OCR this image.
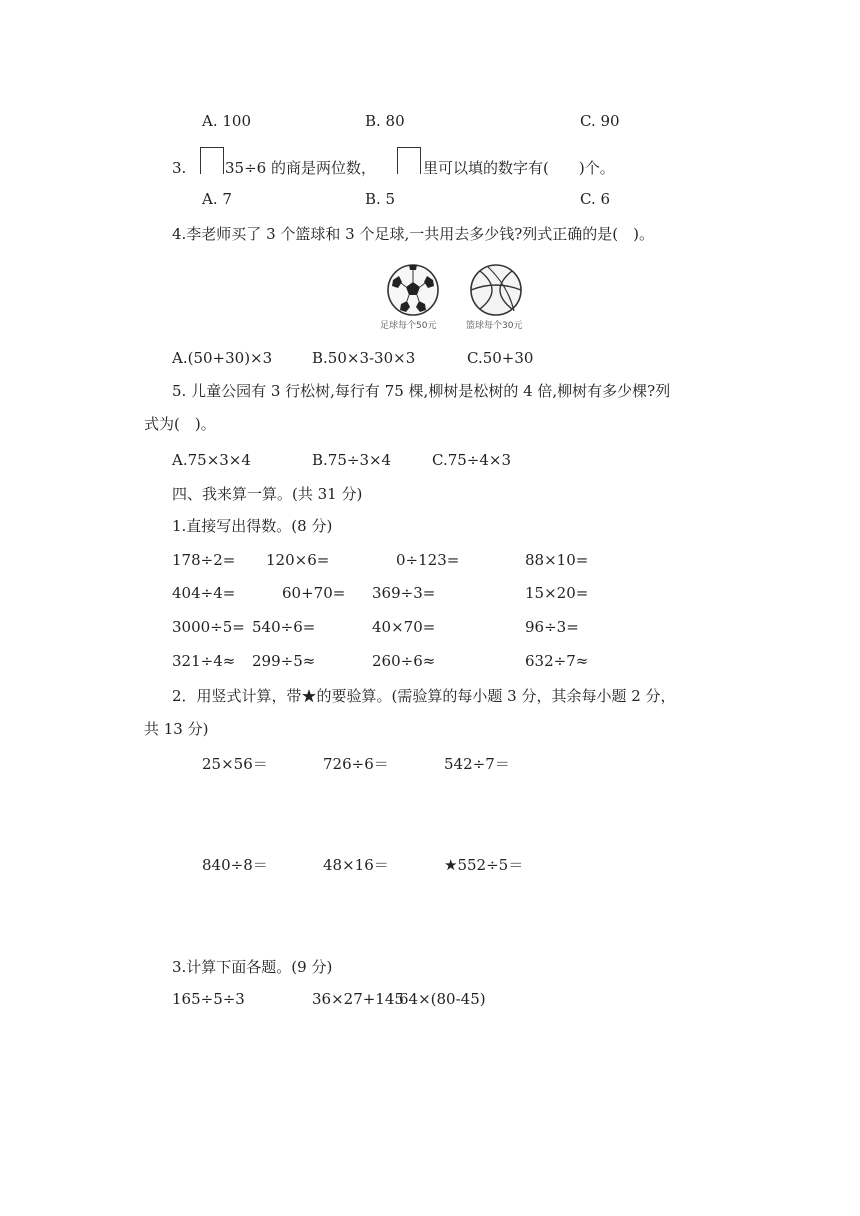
A. 100	B. 80	C. 90
3.	35÷6 的商是两位数，	里可以填的数字有(　　)个。
A. 7	B. 5	C. 6
4.李老师买了 3 个篮球和 3 个足球,一共用去多少钱?列式正确的是(　)。
足球每个50元	篮球每个30元
A.(50+30)×3	B.50×3-30×3	C.50+30
5. 儿童公园有 3 行松树,每行有 75 棵,柳树是松树的 4 倍,柳树有多少棵?列
式为(　)。
A.75×3×4	B.75÷3×4	C.75÷4×3
四、我来算一算。(共 31 分)
1.直接写出得数。(8 分)
178÷2= 120×6=	0÷123=	88×10=
404÷4=	60+70= 369÷3=	15×20=
3000÷5= 540÷6=	40×70=	96÷3=
321÷4≈ 299÷5≈	260÷6≈	632÷7≈
2．用竖式计算，带★的要验算。(需验算的每小题 3 分，其余每小题 2 分，
共 13 分)
25×56＝	726÷6＝	542÷7＝
840÷8＝	48×16＝	★552÷5＝
3.计算下面各题。(9 分)
165÷5÷3	36×27+145
64×(80-45)
